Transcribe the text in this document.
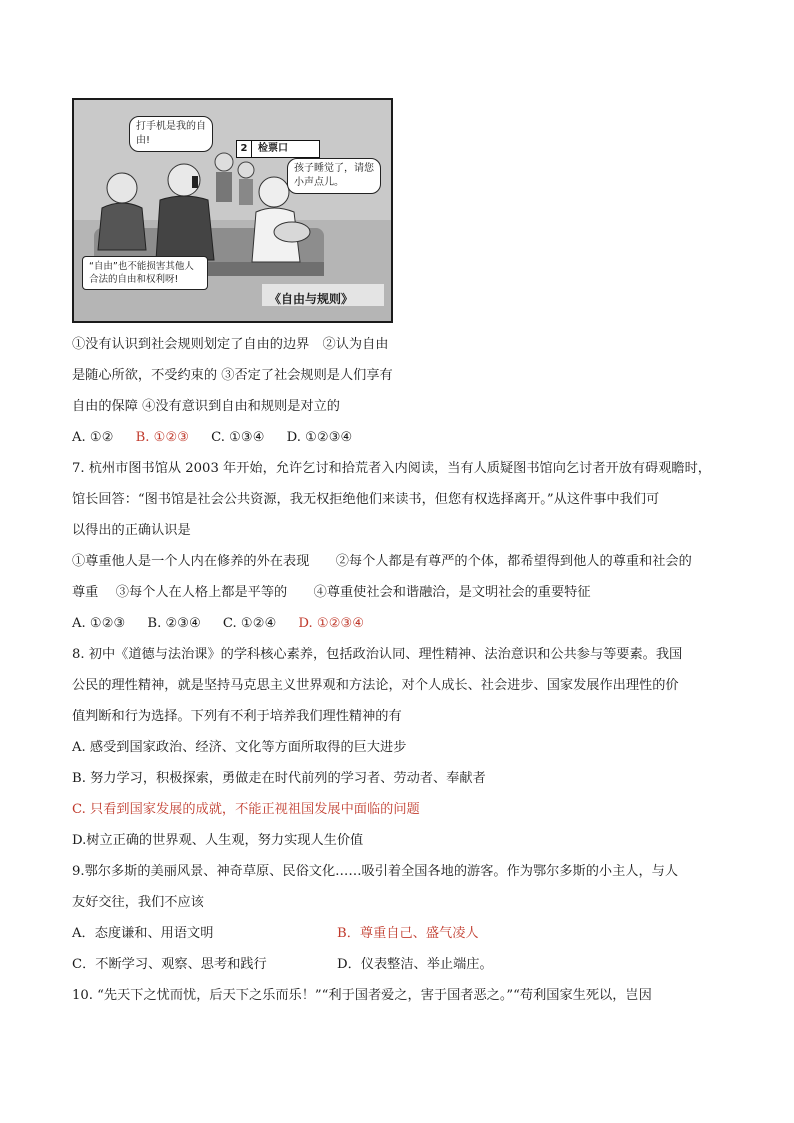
打手机是我的自由!
2 检票口
孩子睡觉了，请您小声点儿。
“自由”也不能损害其他人合法的自由和权利呀!
《自由与规则》
①没有认识到社会规则划定了自由的边界　②认为自由
是随心所欲，不受约束的 ③否定了社会规则是人们享有
自由的保障 ④没有意识到自由和规则是对立的
A. ①② B. ①②③ C. ①③④ D. ①②③④
7. 杭州市图书馆从 2003 年开始，允许乞讨和拾荒者入内阅读，当有人质疑图书馆向乞讨者开放有碍观瞻时，
馆长回答：“图书馆是社会公共资源，我无权拒绝他们来读书，但您有权选择离开。”从这件事中我们可
以得出的正确认识是
①尊重他人是一个人内在修养的外在表现　　②每个人都是有尊严的个体，都希望得到他人的尊重和社会的
尊重　 ③每个人在人格上都是平等的　　④尊重使社会和谐融洽，是文明社会的重要特征
A. ①②③ B. ②③④ C. ①②④ D. ①②③④
8. 初中《道德与法治课》的学科核心素养，包括政治认同、理性精神、法治意识和公共参与等要素。我国
公民的理性精神，就是坚持马克思主义世界观和方法论，对个人成长、社会进步、国家发展作出理性的价
值判断和行为选择。下列有不利于培养我们理性精神的有
A. 感受到国家政治、经济、文化等方面所取得的巨大进步
B. 努力学习，积极探索，勇做走在时代前列的学习者、劳动者、奉献者
C. 只看到国家发展的成就，不能正视祖国发展中面临的问题
D.树立正确的世界观、人生观，努力实现人生价值
9.鄂尔多斯的美丽风景、神奇草原、民俗文化……吸引着全国各地的游客。作为鄂尔多斯的小主人，与人
友好交往，我们不应该
A．态度谦和、用语文明	B．尊重自己、盛气凌人
C．不断学习、观察、思考和践行	D．仪表整洁、举止端庄。
10. “先天下之忧而忧，后天下之乐而乐！”“利于国者爱之，害于国者恶之。”“苟利国家生死以，岂因
